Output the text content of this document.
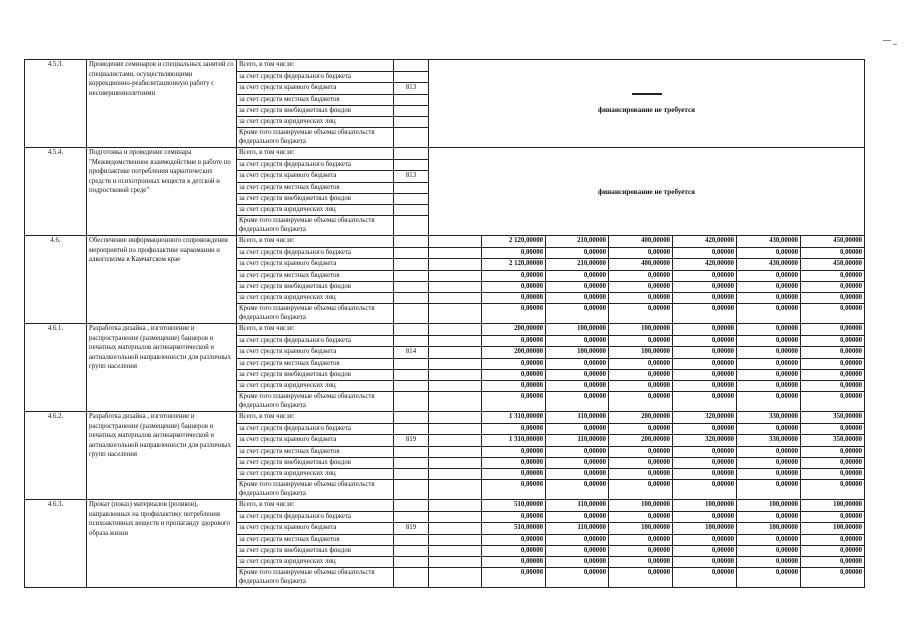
4.5.3.	Проведение семинаров и специальных занятий со специалистами, осуществляющими коррекционно-реабилитационную работу с несовершеннолетними	Всего, в том числе:		финансирование не требуется						
		за счет средств федерального бюджета								
		за счет средств краевого бюджета	813							
		за счет средств местных бюджетов								
		за счет средств внебюджетных фондов								
		за счет средств юридических лиц								
		Кроме того планируемые объемы обязательств федерального бюджета								
4.5.4.	Подготовка и проведение семинара "Межведомственное взаимодействие в работе по профилактике потребления наркотических средств и психотропных веществ в детской и подростковой среде"	Всего, в том числе:		финансирование не требуется						
		за счет средств федерального бюджета								
		за счет средств краевого бюджета	813							
		за счет средств местных бюджетов								
		за счет средств внебюджетных фондов								
		за счет средств юридических лиц								
		Кроме того планируемые объемы обязательств федерального бюджета								
4.6.	Обеспечение информационного сопровождения мероприятий по профилактике наркомании и алкоголизма в Камчатском крае	Всего, в том числе:			2 120,00000	210,00000	400,00000	420,00000	430,00000	450,00000
		за счет средств федерального бюджета			0,00000	0,00000	0,00000	0,00000	0,00000	0,00000
		за счет средств краевого бюджета			2 120,00000	210,00000	400,00000	420,00000	430,00000	450,00000
		за счет средств местных бюджетов			0,00000	0,00000	0,00000	0,00000	0,00000	0,00000
		за счет средств внебюджетных фондов			0,00000	0,00000	0,00000	0,00000	0,00000	0,00000
		за счет средств юридических лиц			0,00000	0,00000	0,00000	0,00000	0,00000	0,00000
		Кроме того планируемые объемы обязательств федерального бюджета			0,00000	0,00000	0,00000	0,00000	0,00000	0,00000
4.6.1.	Разработка дизайна , изготовление и распространение (размещение) баннеров и печатных материалов антинаркотической и антиалкогольной направленности для различных групп населения	Всего, в том числе:			200,00000	100,00000	100,00000	0,00000	0,00000	0,00000
		за счет средств федерального бюджета			0,00000	0,00000	0,00000	0,00000	0,00000	0,00000
		за счет средств краевого бюджета	814		200,00000	100,00000	100,00000	0,00000	0,00000	0,00000
		за счет средств местных бюджетов			0,00000	0,00000	0,00000	0,00000	0,00000	0,00000
		за счет средств внебюджетных фондов			0,00000	0,00000	0,00000	0,00000	0,00000	0,00000
		за счет средств юридических лиц			0,00000	0,00000	0,00000	0,00000	0,00000	0,00000
		Кроме того планируемые объемы обязательств федерального бюджета			0,00000	0,00000	0,00000	0,00000	0,00000	0,00000
4.6.2.	Разработка дизайна , изготовление и распространение (размещение) баннеров и печатных материалов антинаркотической и антиалкогольной направленности для различных групп населения	Всего, в том числе:			1 310,00000	110,00000	200,00000	320,00000	330,00000	350,00000
		за счет средств федерального бюджета			0,00000	0,00000	0,00000	0,00000	0,00000	0,00000
		за счет средств краевого бюджета	819		1 310,00000	110,00000	200,00000	320,00000	330,00000	350,00000
		за счет средств местных бюджетов			0,00000	0,00000	0,00000	0,00000	0,00000	0,00000
		за счет средств внебюджетных фондов			0,00000	0,00000	0,00000	0,00000	0,00000	0,00000
		за счет средств юридических лиц			0,00000	0,00000	0,00000	0,00000	0,00000	0,00000
		Кроме того планируемые объемы обязательств федерального бюджета			0,00000	0,00000	0,00000	0,00000	0,00000	0,00000
4.6.3.	Прокат (показ) материалов (роликов), направленных на профилактику потребления психоактивных веществ и пропаганду здорового образа жизни	Всего, в том числе:			510,00000	110,00000	100,00000	100,00000	100,00000	100,00000
		за счет средств федерального бюджета			0,00000	0,00000	0,00000	0,00000	0,00000	0,00000
		за счет средств краевого бюджета	819		510,00000	110,00000	100,00000	100,00000	100,00000	100,00000
		за счет средств местных бюджетов			0,00000	0,00000	0,00000	0,00000	0,00000	0,00000
		за счет средств внебюджетных фондов			0,00000	0,00000	0,00000	0,00000	0,00000	0,00000
		за счет средств юридических лиц			0,00000	0,00000	0,00000	0,00000	0,00000	0,00000
		Кроме того планируемые объемы обязательств федерального бюджета			0,00000	0,00000	0,00000	0,00000	0,00000	0,00000
